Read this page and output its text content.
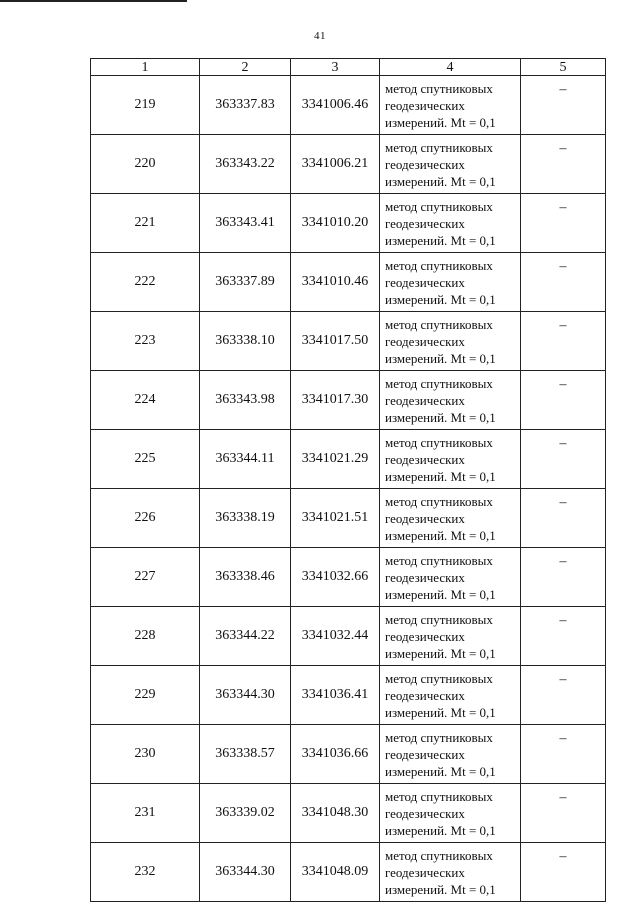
41
1	2	3	4	5
219	363337.83	3341006.46	метод спутниковых
геодезических
измерений. Mt = 0,1	–
220	363343.22	3341006.21	метод спутниковых
геодезических
измерений. Mt = 0,1	–
221	363343.41	3341010.20	метод спутниковых
геодезических
измерений. Mt = 0,1	–
222	363337.89	3341010.46	метод спутниковых
геодезических
измерений. Mt = 0,1	–
223	363338.10	3341017.50	метод спутниковых
геодезических
измерений. Mt = 0,1	–
224	363343.98	3341017.30	метод спутниковых
геодезических
измерений. Mt = 0,1	–
225	363344.11	3341021.29	метод спутниковых
геодезических
измерений. Mt = 0,1	–
226	363338.19	3341021.51	метод спутниковых
геодезических
измерений. Mt = 0,1	–
227	363338.46	3341032.66	метод спутниковых
геодезических
измерений. Mt = 0,1	–
228	363344.22	3341032.44	метод спутниковых
геодезических
измерений. Mt = 0,1	–
229	363344.30	3341036.41	метод спутниковых
геодезических
измерений. Mt = 0,1	–
230	363338.57	3341036.66	метод спутниковых
геодезических
измерений. Mt = 0,1	–
231	363339.02	3341048.30	метод спутниковых
геодезических
измерений. Mt = 0,1	–
232	363344.30	3341048.09	метод спутниковых
геодезических
измерений. Mt = 0,1	–
